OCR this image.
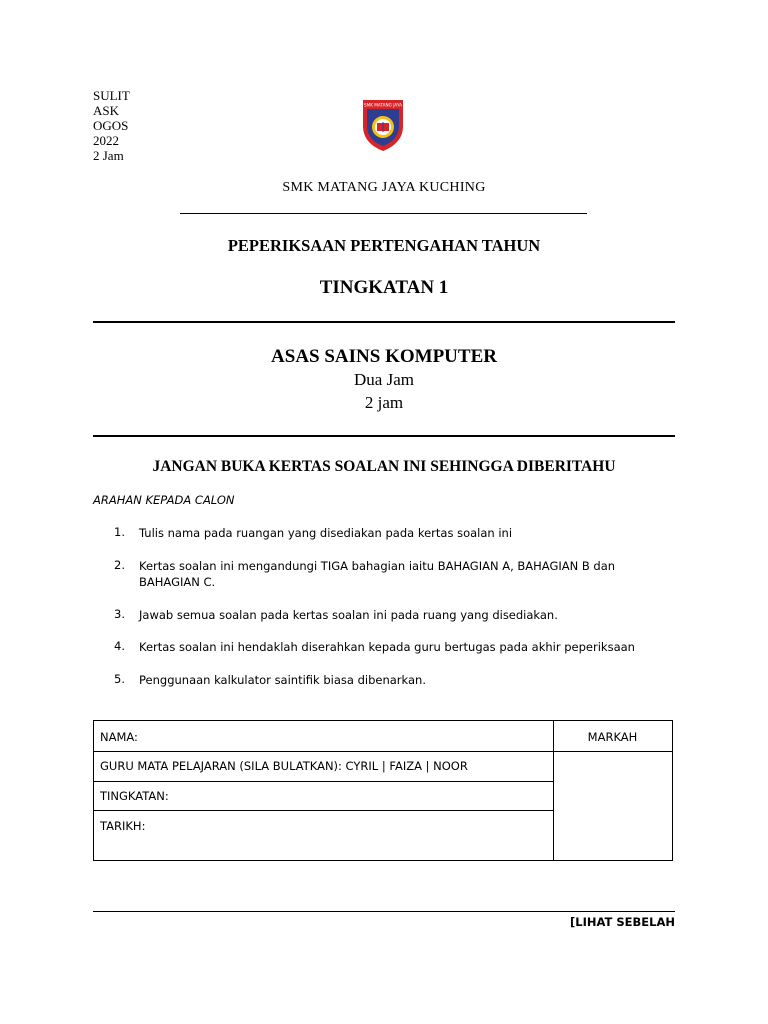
SULIT
ASK
OGOS
2022
2 Jam
SMK MATANG JAYA
SMK MATANG JAYA KUCHING
PEPERIKSAAN PERTENGAHAN TAHUN
TINGKATAN 1
ASAS SAINS KOMPUTER
Dua Jam
2 jam
JANGAN BUKA KERTAS SOALAN INI SEHINGGA DIBERITAHU
ARAHAN KEPADA CALON
1. Tulis nama pada ruangan yang disediakan pada kertas soalan ini
2. Kertas soalan ini mengandungi TIGA bahagian iaitu BAHAGIAN A, BAHAGIAN B dan BAHAGIAN C.
3. Jawab semua soalan pada kertas soalan ini pada ruang yang disediakan.
4. Kertas soalan ini hendaklah diserahkan kepada guru bertugas pada akhir peperiksaan
5. Penggunaan kalkulator saintifik biasa dibenarkan.
NAMA:	MARKAH
GURU MATA PELAJARAN (SILA BULATKAN): CYRIL | FAIZA | NOOR
TINGKATAN:
TARIKH:
[LIHAT SEBELAH
